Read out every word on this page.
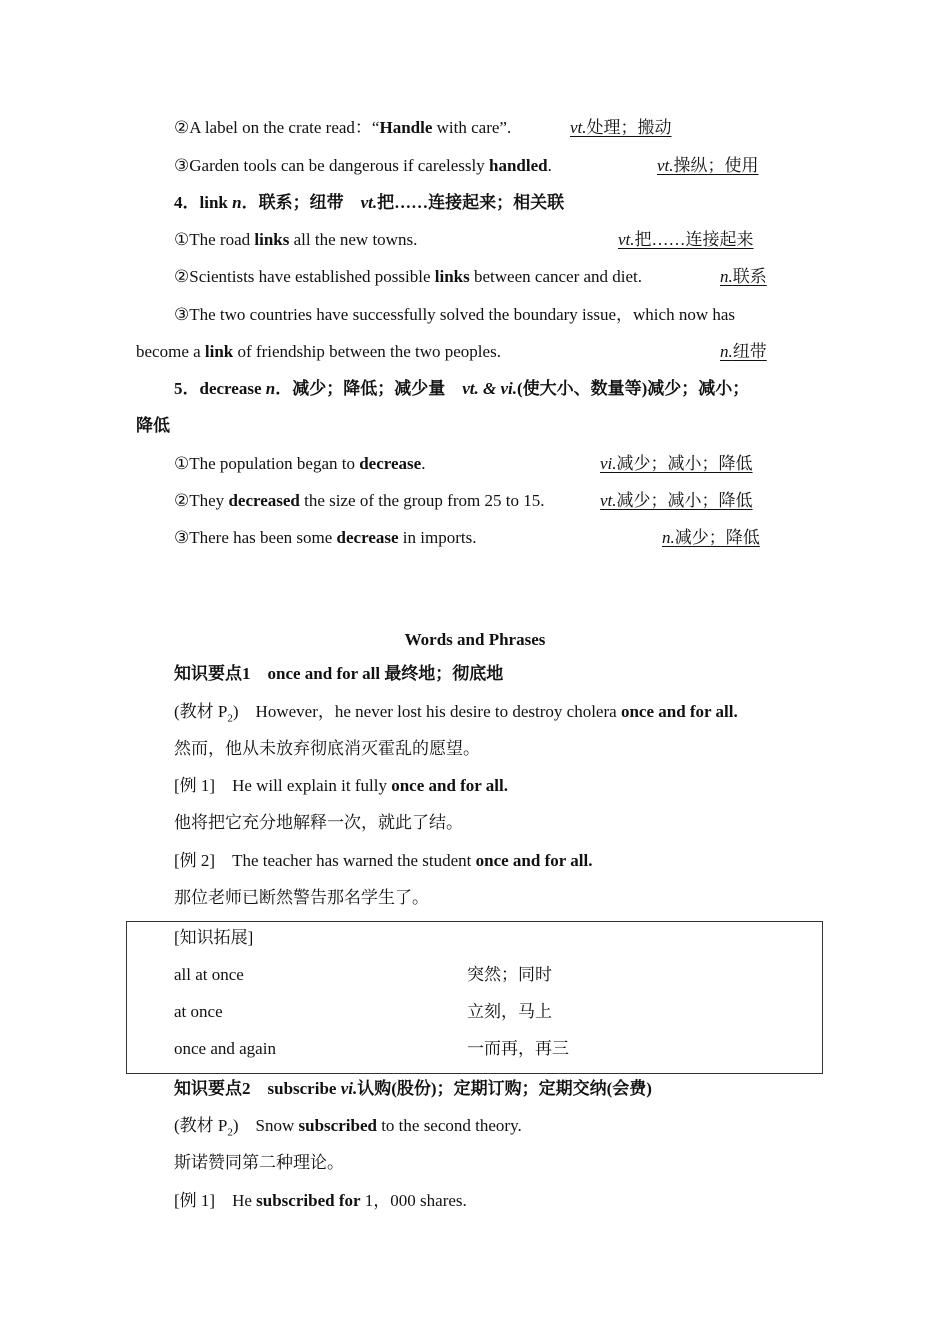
②A label on the crate read：“Handle with care”.	vt.处理；搬动
③Garden tools can be dangerous if carelessly handled.	vt.操纵；使用
4．link n．联系；纽带　vt.把……连接起来；相关联
①The road links all the new towns.	vt.把……连接起来
②Scientists have established possible links between cancer and diet.	n.联系
③The two countries have successfully solved the boundary issue，which now has
become a link of friendship between the two peoples.	n.纽带
5．decrease n．减少；降低；减少量　vt. & vi.(使大小、数量等)减少；减小；
降低
①The population began to decrease.	vi.减少；减小；降低
②They decreased the size of the group from 25 to 15.	vt.减少；减小；降低
③There has been some decrease in imports.	n.减少；降低
Words and Phrases
知识要点1 once and for all 最终地；彻底地
(教材 $P_2$) However，he never lost his desire to destroy cholera once and for all.
然而，他从未放弃彻底消灭霍乱的愿望。
[例 1] He will explain it fully once and for all.
他将把它充分地解释一次，就此了结。
[例 2] The teacher has warned the student once and for all.
那位老师已断然警告那名学生了。
[知识拓展]
all at once	突然；同时
at once	立刻，马上
once and again	一而再，再三
知识要点2 subscribe vi.认购(股份)；定期订购；定期交纳(会费)
(教材 $P_2$) Snow subscribed to the second theory.
斯诺赞同第二种理论。
[例 1] He subscribed for 1，000 shares.
